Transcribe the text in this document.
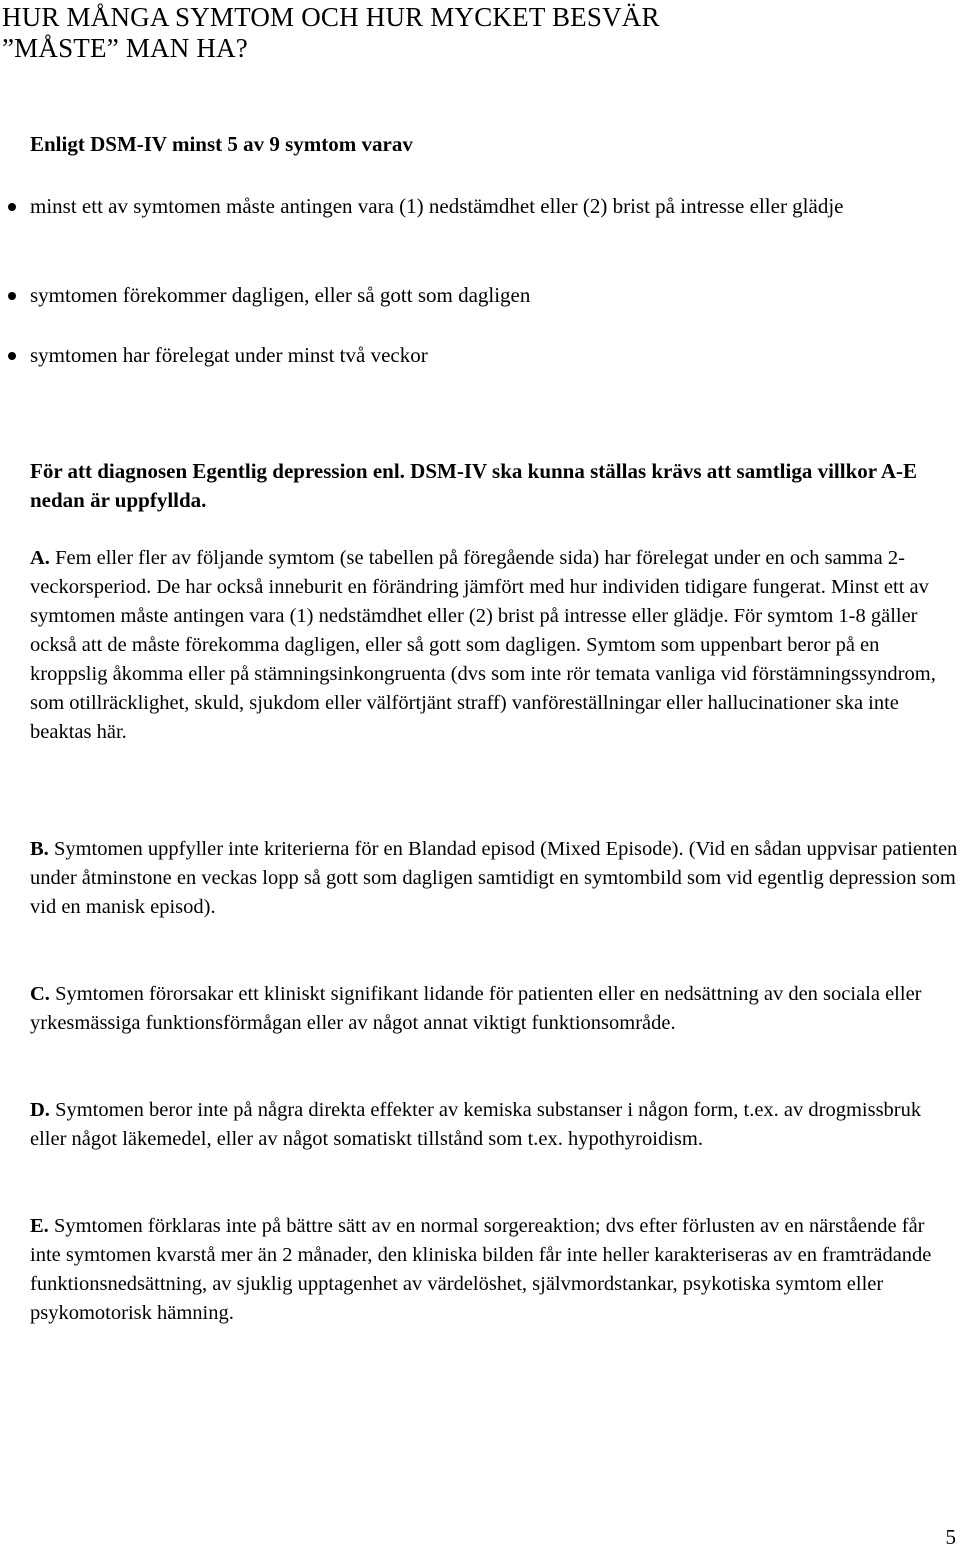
HUR MÅNGA SYMTOM OCH HUR MYCKET BESVÄR
”MÅSTE” MAN HA?

Enligt DSM-IV minst 5 av 9 symtom varav

minst ett av symtomen måste antingen vara (1) nedstämdhet eller (2) brist på intresse eller glädje
symtomen förekommer dagligen, eller så gott som dagligen
symtomen har förelegat under minst två veckor

För att diagnosen Egentlig depression enl. DSM-IV ska kunna ställas krävs att samtliga villkor A-E nedan är uppfyllda.

A. Fem eller fler av följande symtom (se tabellen på föregående sida) har förelegat under en och samma 2-veckorsperiod. De har också inneburit en förändring jämfört med hur individen tidigare fungerat. Minst ett av symtomen måste antingen vara (1) nedstämdhet eller (2) brist på intresse eller glädje. För symtom 1-8 gäller också att de måste förekomma dagligen, eller så gott som dagligen. Symtom som uppenbart beror på en kroppslig åkomma eller på stämningsinkongruenta (dvs som inte rör temata vanliga vid förstämningssyndrom, som otillräcklighet, skuld, sjukdom eller välförtjänt straff) vanföreställningar eller hallucinationer ska inte beaktas här.

B. Symtomen uppfyller inte kriterierna för en Blandad episod (Mixed Episode). (Vid en sådan uppvisar patienten under åtminstone en veckas lopp så gott som dagligen samtidigt en symtombild som vid egentlig depression som vid en manisk episod).

C. Symtomen förorsakar ett kliniskt signifikant lidande för patienten eller en nedsättning av den sociala eller yrkesmässiga funktionsförmågan eller av något annat viktigt funktionsområde.

D. Symtomen beror inte på några direkta effekter av kemiska substanser i någon form, t.ex. av drogmissbruk eller något läkemedel, eller av något somatiskt tillstånd som t.ex. hypothyroidism.

E. Symtomen förklaras inte på bättre sätt av en normal sorgereaktion; dvs efter förlusten av en närstående får inte symtomen kvarstå mer än 2 månader, den kliniska bilden får inte heller karakteriseras av en framträdande funktionsnedsättning, av sjuklig upptagenhet av värdelöshet, självmordstankar, psykotiska symtom eller psykomotorisk hämning.

5
